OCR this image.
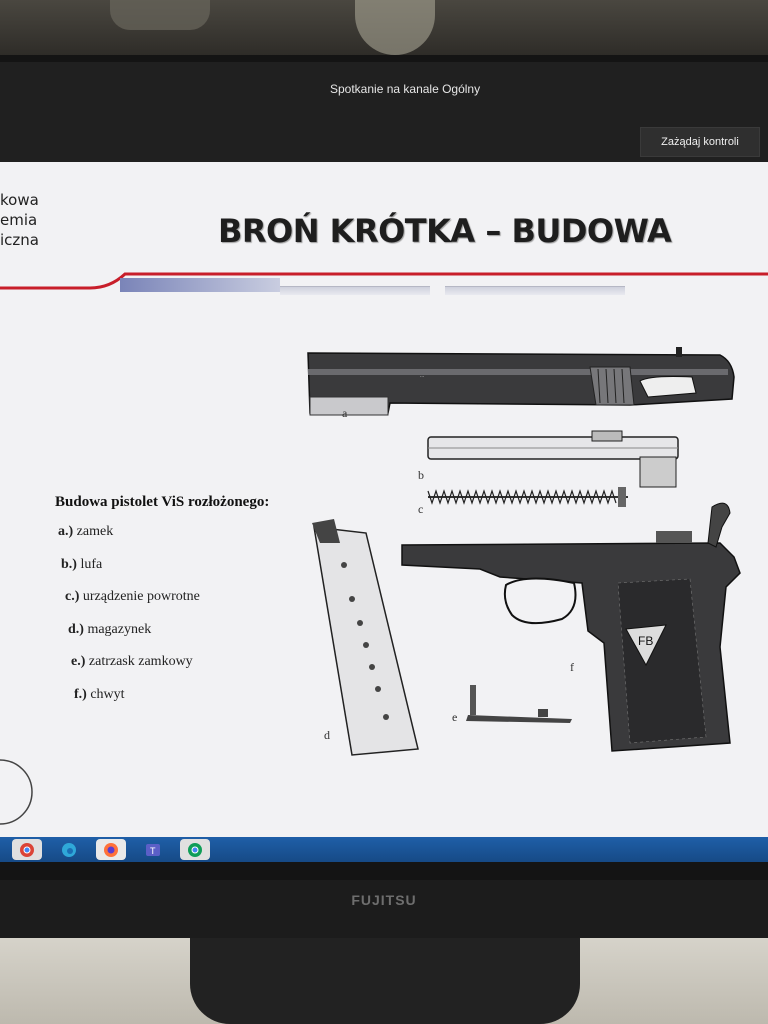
FUJITSU
Spotkanie na kanale Ogólny
Zażądaj kontroli
kowa
emia
iczna	BROŃ KRÓTKA – BUDOWA
Budowa pistolet ViS rozłożonego:
a.) zamek
b.) lufa
c.) urządzenie powrotne
d.) magazynek
e.) zatrzask zamkowy
f.) chwyt
...
FB
a
b
c
d
e
f
T
